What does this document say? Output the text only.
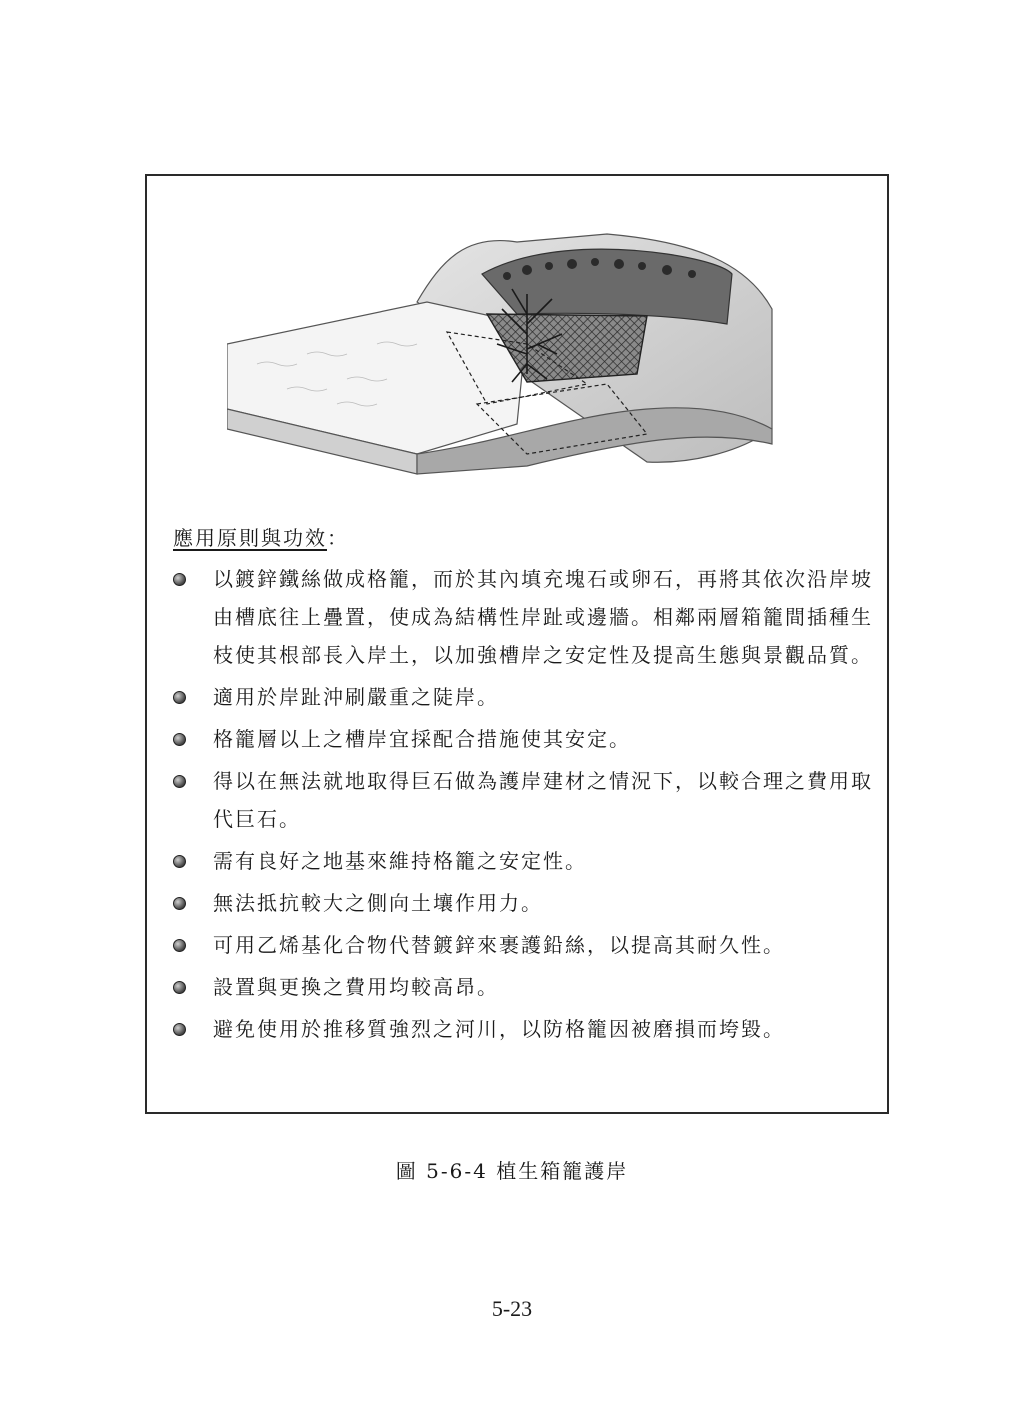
應用原則與功效：
以鍍鋅鐵絲做成格籠，而於其內填充塊石或卵石，再將其依次沿岸坡由槽底往上疊置，使成為結構性岸趾或邊牆。相鄰兩層箱籠間插種生枝使其根部長入岸土，以加強槽岸之安定性及提高生態與景觀品質。
適用於岸趾沖刷嚴重之陡岸。
格籠層以上之槽岸宜採配合措施使其安定。
得以在無法就地取得巨石做為護岸建材之情況下，以較合理之費用取代巨石。
需有良好之地基來維持格籠之安定性。
無法抵抗較大之側向土壤作用力。
可用乙烯基化合物代替鍍鋅來裹護鉛絲，以提高其耐久性。
設置與更換之費用均較高昂。
避免使用於推移質強烈之河川，以防格籠因被磨損而垮毀。
圖 5-6-4 植生箱籠護岸
5-23
